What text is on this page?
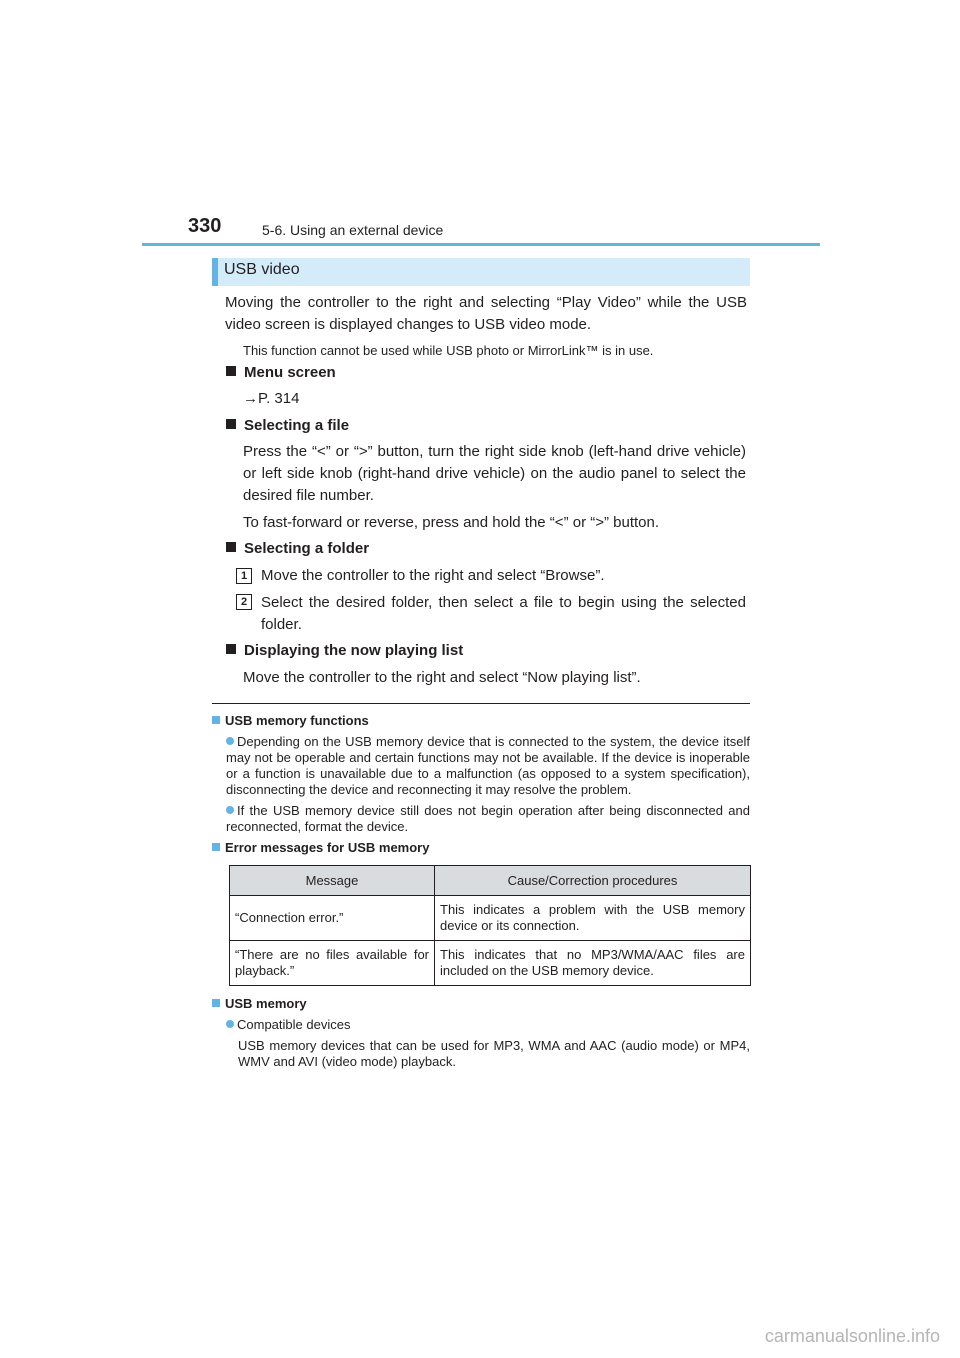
330	5-6. Using an external device
USB video
Moving the controller to the right and selecting “Play Video” while the USB video screen is displayed changes to USB video mode.
This function cannot be used while USB photo or MirrorLink™ is in use.
Menu screen
→P. 314
Selecting a file
Press the “<” or “>” button, turn the right side knob (left-hand drive vehicle) or left side knob (right-hand drive vehicle) on the audio panel to select the desired file number.
To fast-forward or reverse, press and hold the “<” or “>” button.
Selecting a folder
1 Move the controller to the right and select “Browse”.
2 Select the desired folder, then select a file to begin using the selected folder.
Displaying the now playing list
Move the controller to the right and select “Now playing list”.
USB memory functions
Depending on the USB memory device that is connected to the system, the device itself may not be operable and certain functions may not be available. If the device is inoperable or a function is unavailable due to a malfunction (as opposed to a system specification), disconnecting the device and reconnecting it may resolve the problem.
If the USB memory device still does not begin operation after being disconnected and reconnected, format the device.
Error messages for USB memory
Message	Cause/Correction procedures
“Connection error.”	This indicates a problem with the USB memory device or its connection.
“There are no files available for playback.”	This indicates that no MP3/WMA/AAC files are included on the USB memory device.
USB memory
Compatible devices
USB memory devices that can be used for MP3, WMA and AAC (audio mode) or MP4, WMV and AVI (video mode) playback.
carmanualsonline.info
